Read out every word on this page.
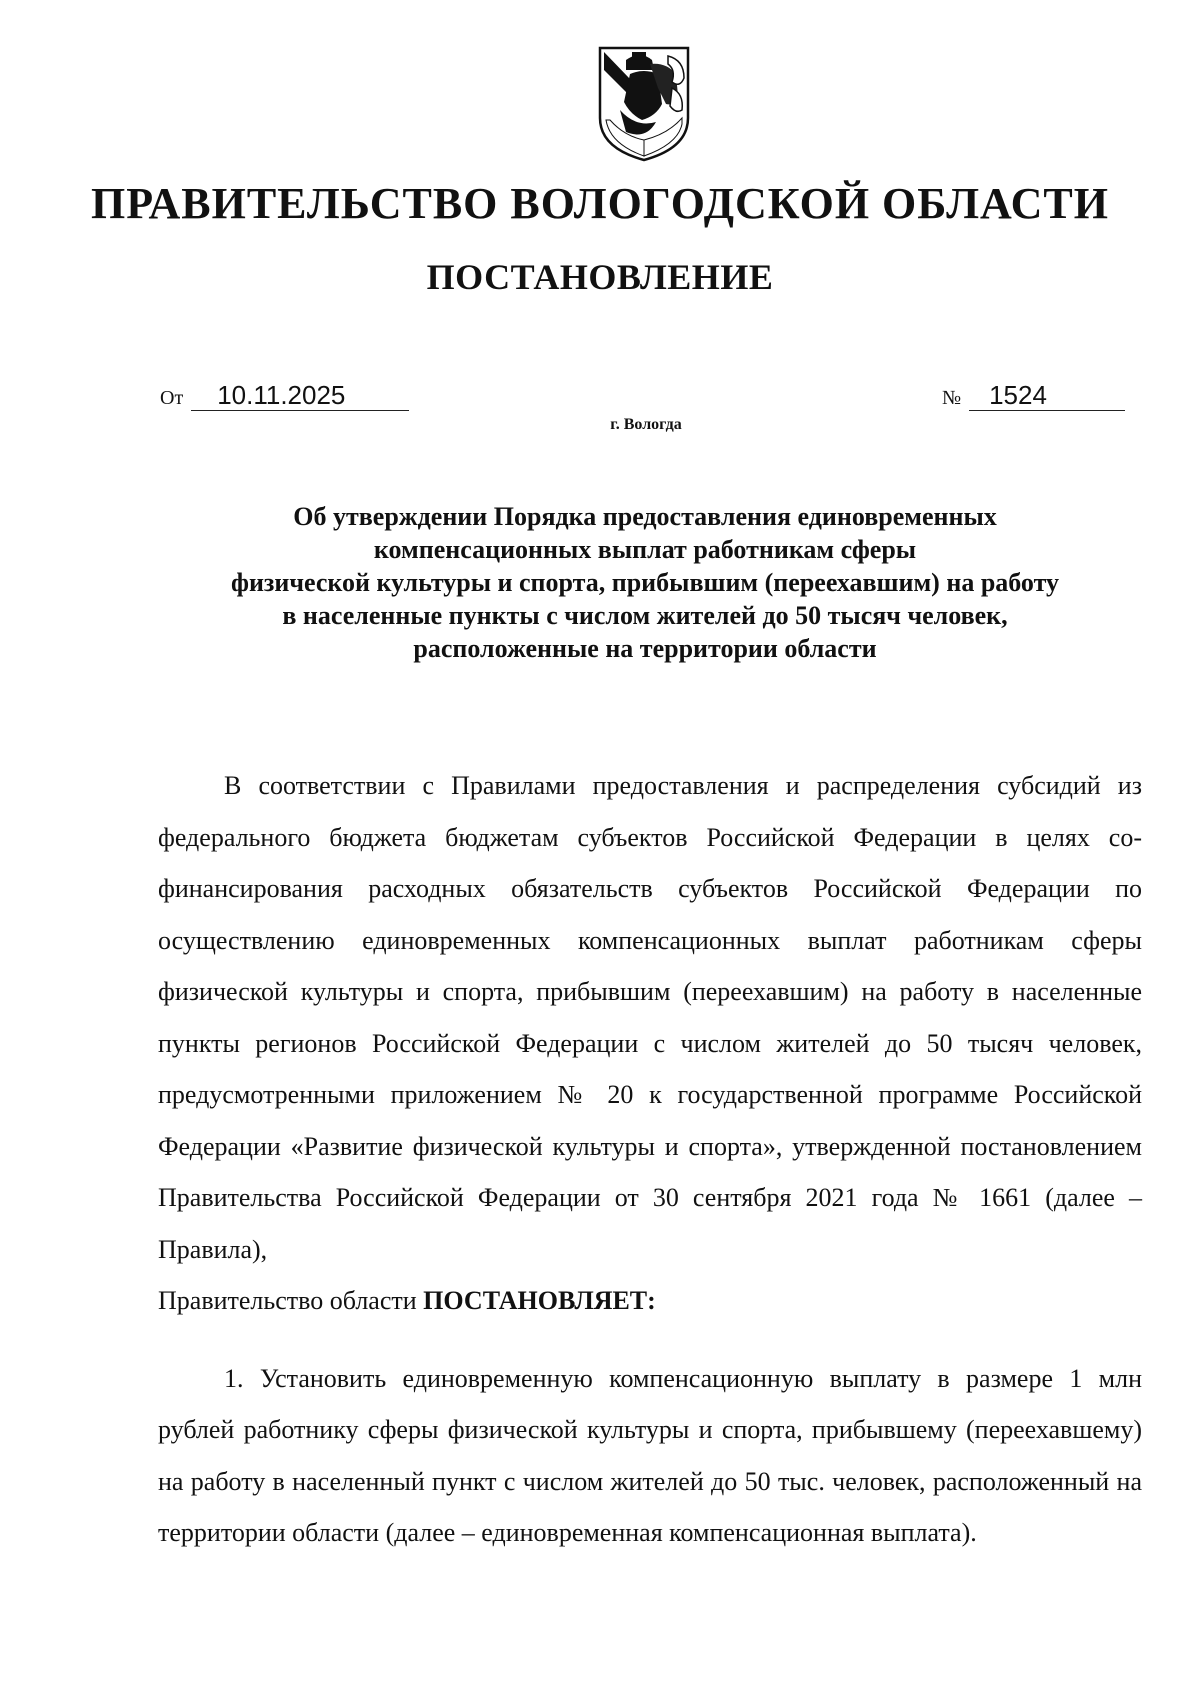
ПРАВИТЕЛЬСТВО ВОЛОГОДСКОЙ ОБЛАСТИ
ПОСТАНОВЛЕНИЕ
От 10.11.2025	№ 1524
г. Вологда
Об утверждении Порядка предоставления единовременных
компенсационных выплат работникам сферы
физической культуры и спорта, прибывшим (переехавшим) на работу
в населенные пункты с числом жителей до 50 тысяч человек,
расположенные на территории области

В соответствии с Правилами предоставления и распределения субсидий из федерального бюджета бюджетам субъектов Российской Федерации в целях софинансирования расходных обязательств субъектов Российской Федерации по осуществлению единовременных компенсационных выплат работникам сферы физической культуры и спорта, прибывшим (переехавшим) на работу в населенные пункты регионов Российской Федерации с числом жителей до 50 тысяч человек, предусмотренными приложением № 20 к государственной программе Российской Федерации «Развитие физической культуры и спорта», утвержденной постановлением Правительства Российской Федерации от 30 сентября 2021 года № 1661 (далее – Правила),

Правительство области ПОСТАНОВЛЯЕТ:

1. Установить единовременную компенсационную выплату в размере 1 млн рублей работнику сферы физической культуры и спорта, прибывшему (переехавшему) на работу в населенный пункт с числом жителей до 50 тыс. человек, расположенный на территории области (далее – единовременная компенсационная выплата).
